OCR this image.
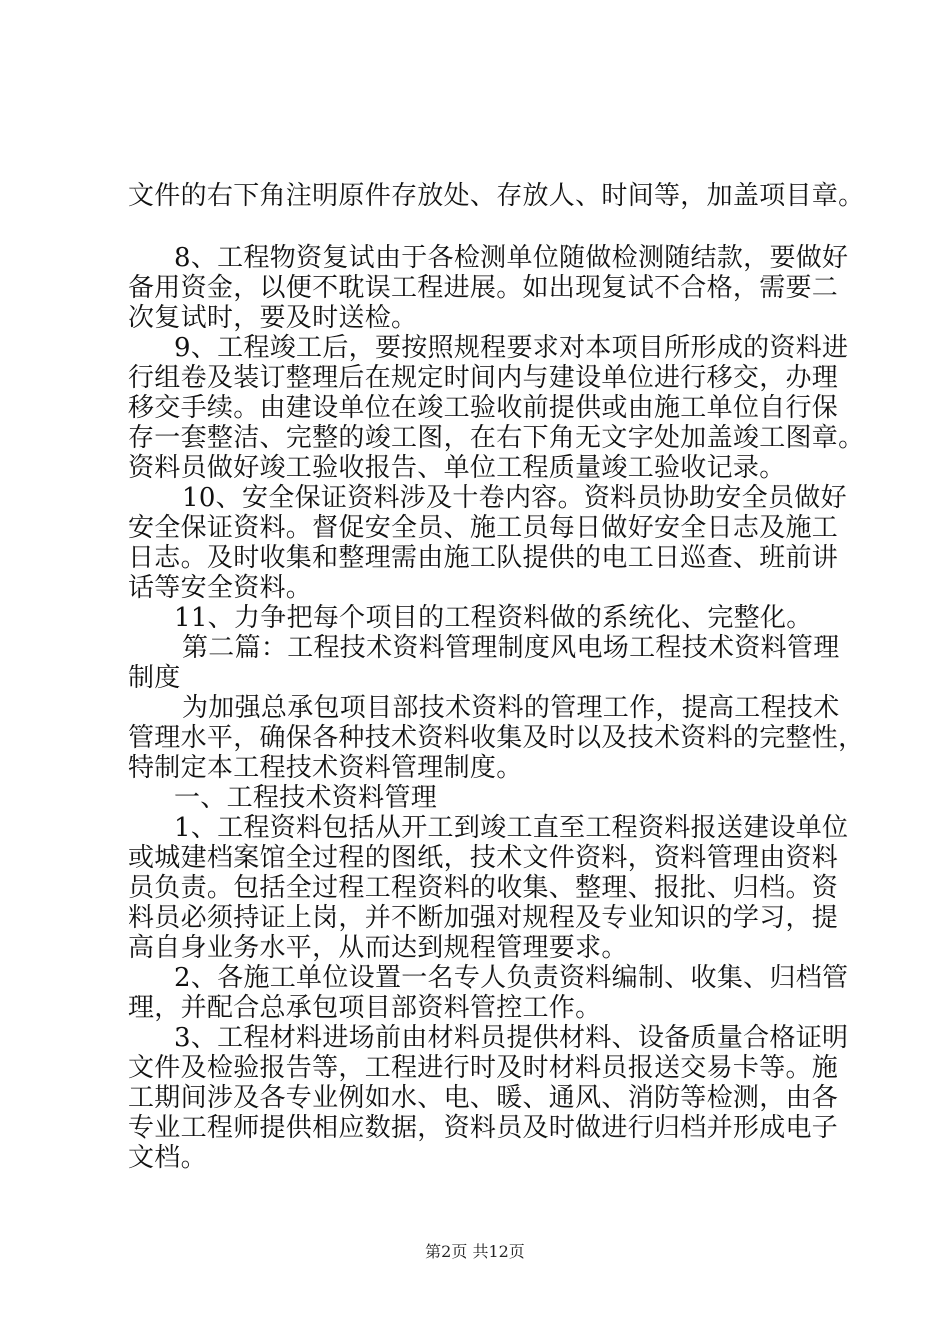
文件的右下角注明原件存放处、存放人、时间等，加盖项目章。
8、工程物资复试由于各检测单位随做检测随结款，要做好
备用资金，以便不耽误工程进展。如出现复试不合格，需要二
次复试时，要及时送检。
9、工程竣工后，要按照规程要求对本项目所形成的资料进
行组卷及装订整理后在规定时间内与建设单位进行移交，办理
移交手续。由建设单位在竣工验收前提供或由施工单位自行保
存一套整洁、完整的竣工图，在右下角无文字处加盖竣工图章。
资料员做好竣工验收报告、单位工程质量竣工验收记录。
10、安全保证资料涉及十卷内容。资料员协助安全员做好
安全保证资料。督促安全员、施工员每日做好安全日志及施工
日志。及时收集和整理需由施工队提供的电工日巡查、班前讲
话等安全资料。
11、力争把每个项目的工程资料做的系统化、完整化。
第二篇：工程技术资料管理制度风电场工程技术资料管理
制度
为加强总承包项目部技术资料的管理工作，提高工程技术
管理水平，确保各种技术资料收集及时以及技术资料的完整性，
特制定本工程技术资料管理制度。
一、工程技术资料管理
1、工程资料包括从开工到竣工直至工程资料报送建设单位
或城建档案馆全过程的图纸，技术文件资料，资料管理由资料
员负责。包括全过程工程资料的收集、整理、报批、归档。资
料员必须持证上岗，并不断加强对规程及专业知识的学习，提
高自身业务水平，从而达到规程管理要求。
2、各施工单位设置一名专人负责资料编制、收集、归档管
理，并配合总承包项目部资料管控工作。
3、工程材料进场前由材料员提供材料、设备质量合格证明
文件及检验报告等，工程进行时及时材料员报送交易卡等。施
工期间涉及各专业例如水、电、暖、通风、消防等检测，由各
专业工程师提供相应数据，资料员及时做进行归档并形成电子
文档。
第2页 共12页
